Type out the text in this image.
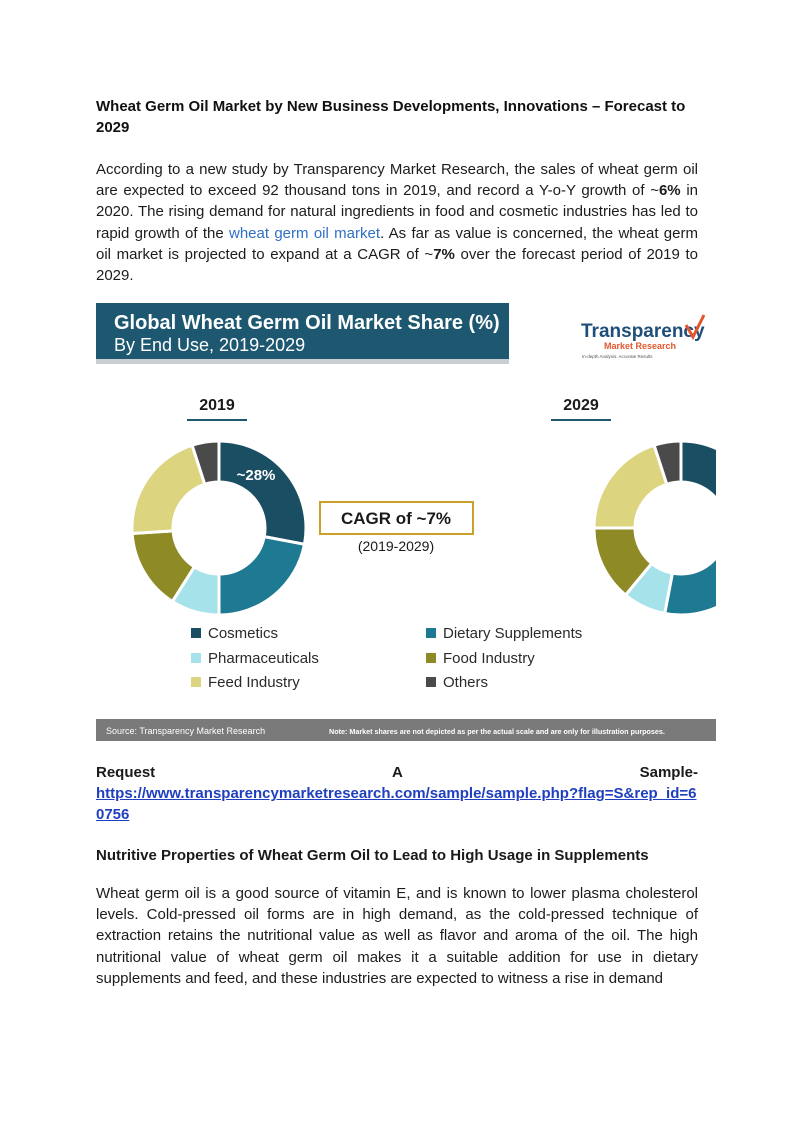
Wheat Germ Oil Market by New Business Developments, Innovations – Forecast to 2029

According to a new study by Transparency Market Research, the sales of wheat germ oil are expected to exceed 92 thousand tons in 2019, and record a Y-o-Y growth of ~6% in 2020. The rising demand for natural ingredients in food and cosmetic industries has led to rapid growth of the wheat germ oil market. As far as value is concerned, the wheat germ oil market is projected to expand at a CAGR of ~7% over the forecast period of 2019 to 2029.

Global Wheat Germ Oil Market Share (%)
By End Use, 2019-2029
Transparency
Market Research
In-depth Analysis. Accurate Results
2019	2029
~28%
CAGR of ~7%
(2019-2029)
Cosmetics	Dietary Supplements
Pharmaceuticals	Food Industry
Feed Industry	Others
Source: Transparency Market Research	Note: Market shares are not depicted as per the actual scale and are only for illustration purposes.
Request	A	Sample-
https://www.transparencymarketresearch.com/sample/sample.php?flag=S&rep_id=60756
Nutritive Properties of Wheat Germ Oil to Lead to High Usage in Supplements

Wheat germ oil is a good source of vitamin E, and is known to lower plasma cholesterol levels. Cold-pressed oil forms are in high demand, as the cold-pressed technique of extraction retains the nutritional value as well as flavor and aroma of the oil. The high nutritional value of wheat germ oil makes it a suitable addition for use in dietary supplements and feed, and these industries are expected to witness a rise in demand
